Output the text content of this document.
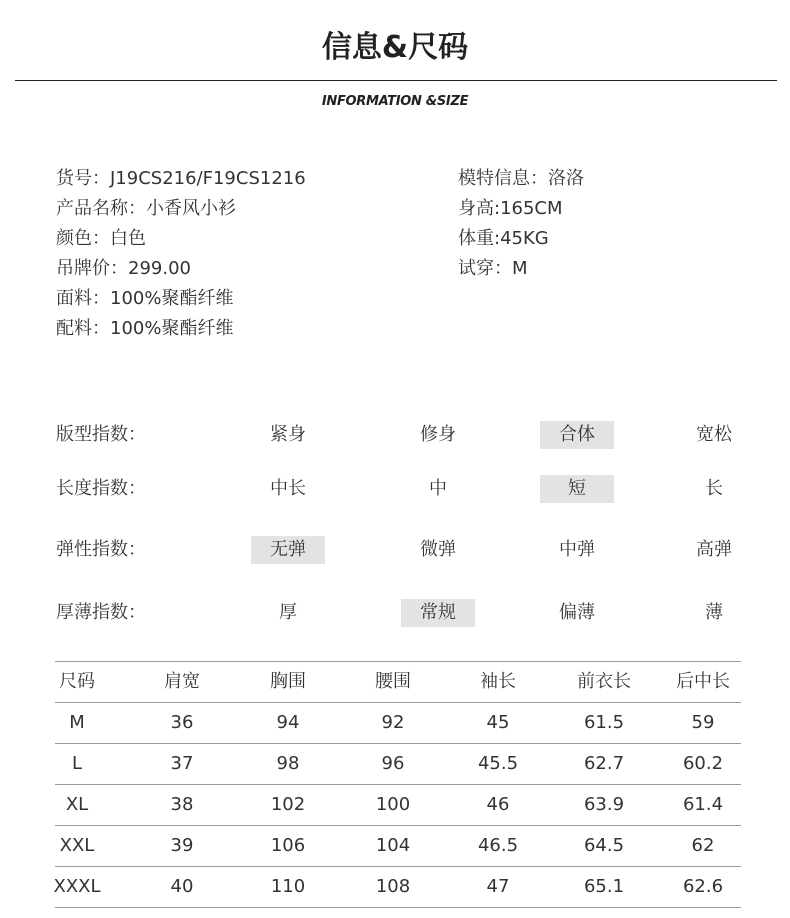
信息&尺码
INFORMATION &SIZE
货号：J19CS216/F19CS1216
产品名称：小香风小衫
颜色：白色
吊牌价：299.00
面料：100%聚酯纤维
配料：100%聚酯纤维
模特信息：洛洛
身高:165CM
体重:45KG
试穿：M
版型指数：	紧身	修身	合体	宽松
长度指数：	中长	中	短	长
弹性指数：	无弹	微弹	中弹	高弹
厚薄指数：	厚	常规	偏薄	薄
尺码	肩宽	胸围	腰围	袖长	前衣长	后中长
M	36	94	92	45	61.5	59
L	37	98	96	45.5	62.7	60.2
XL	38	102	100	46	63.9	61.4
XXL	39	106	104	46.5	64.5	62
XXXL	40	110	108	47	65.1	62.6
